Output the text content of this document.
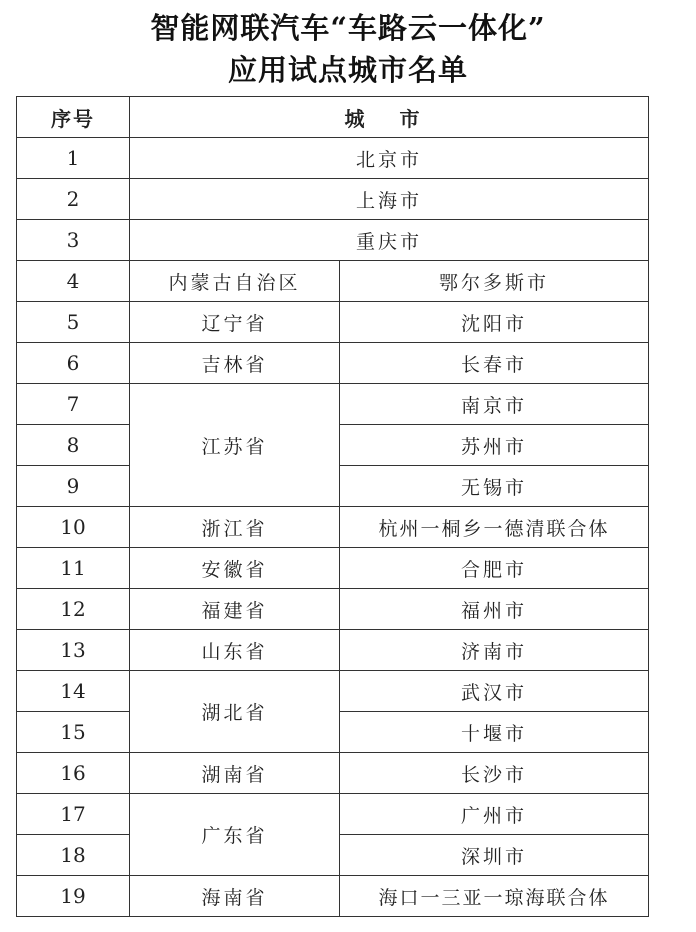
智能网联汽车“车路云一体化”
应用试点城市名单
序号	城 市	
1	北京市	
2	上海市	
3	重庆市	
4	内蒙古自治区	鄂尔多斯市
5	辽宁省	沈阳市
6	吉林省	长春市
7	江苏省	南京市
8		苏州市
9		无锡市
10	浙江省	杭州一桐乡一德清联合体
11	安徽省	合肥市
12	福建省	福州市
13	山东省	济南市
14	湖北省	武汉市
15		十堰市
16	湖南省	长沙市
17	广东省	广州市
18		深圳市
19	海南省	海口一三亚一琼海联合体
